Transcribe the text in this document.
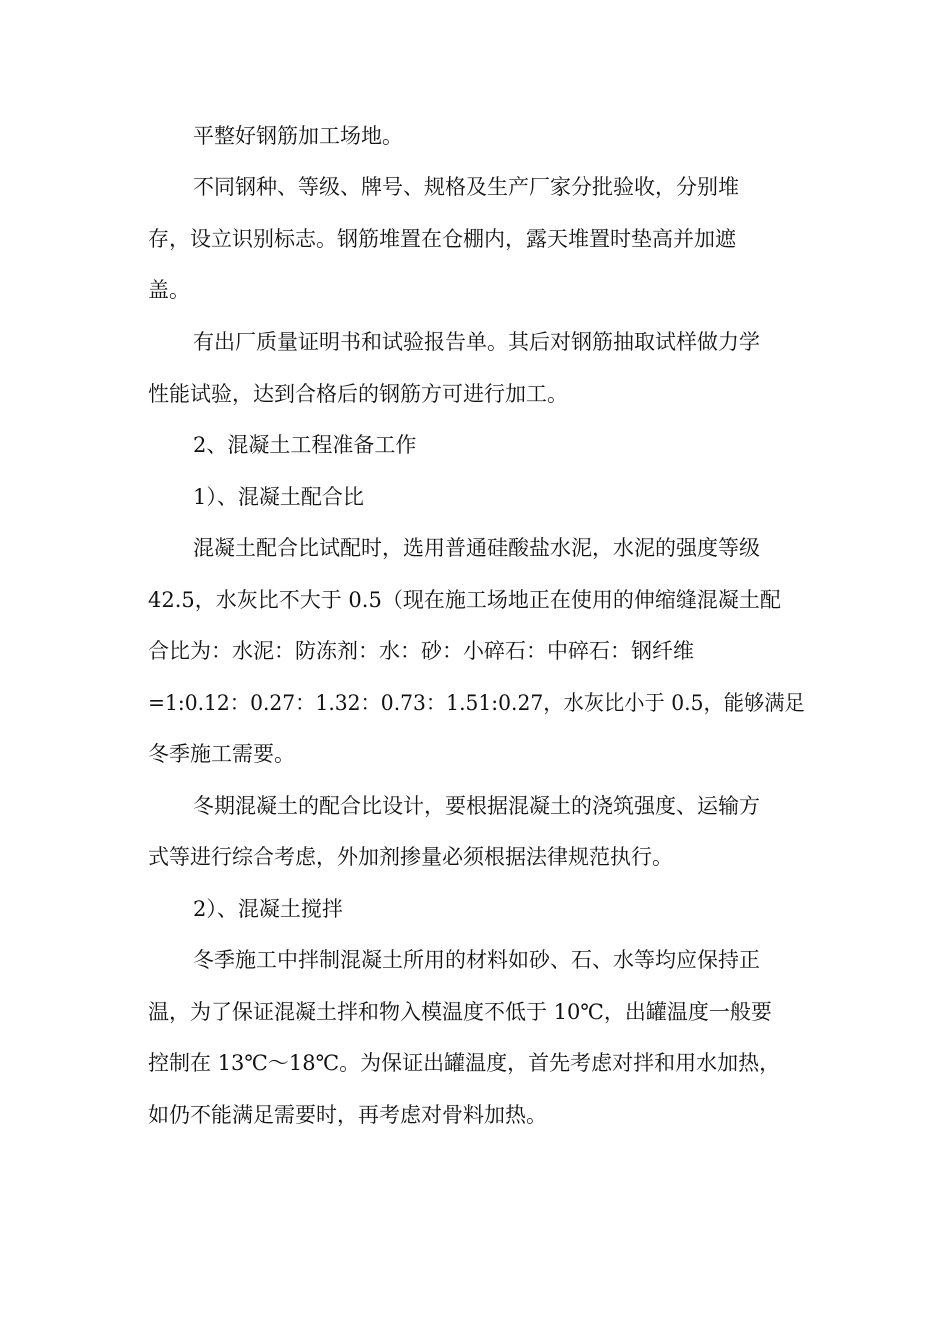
平整好钢筋加工场地。
不同钢种、等级、牌号、规格及生产厂家分批验收，分别堆
存，设立识别标志。钢筋堆置在仓棚内，露天堆置时垫高并加遮
盖。
有出厂质量证明书和试验报告单。其后对钢筋抽取试样做力学
性能试验，达到合格后的钢筋方可进行加工。
2、混凝土工程准备工作
1）、混凝土配合比
混凝土配合比试配时，选用普通硅酸盐水泥，水泥的强度等级
42.5，水灰比不大于 0.5（现在施工场地正在使用的伸缩缝混凝土配
合比为：水泥：防冻剂：水：砂：小碎石：中碎石：钢纤维
=1:0.12：0.27：1.32：0.73：1.51:0.27，水灰比小于 0.5，能够满足
冬季施工需要。
冬期混凝土的配合比设计，要根据混凝土的浇筑强度、运输方
式等进行综合考虑，外加剂掺量必须根据法律规范执行。
2）、混凝土搅拌
冬季施工中拌制混凝土所用的材料如砂、石、水等均应保持正
温，为了保证混凝土拌和物入模温度不低于 10℃，出罐温度一般要
控制在 13℃～18℃。为保证出罐温度，首先考虑对拌和用水加热，
如仍不能满足需要时，再考虑对骨料加热。
